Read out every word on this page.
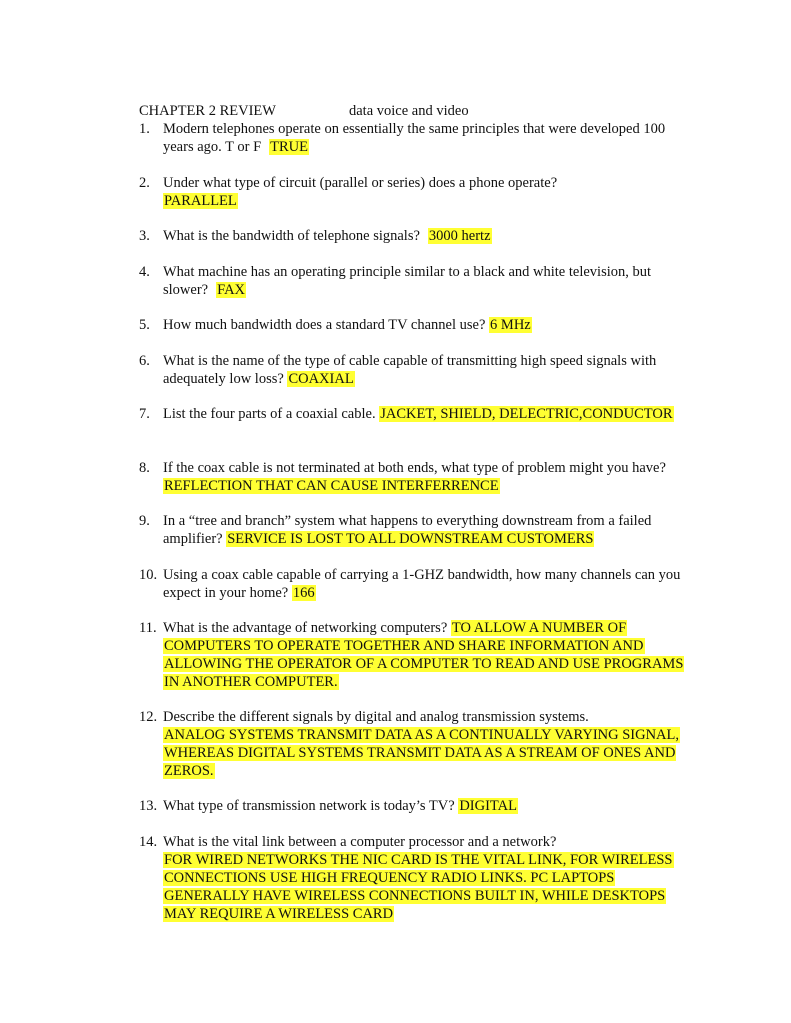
CHAPTER 2 REVIEW	data voice and video
1. Modern telephones operate on essentially the same principles that were developed 100 years ago. T or F TRUE
2. Under what type of circuit (parallel or series) does a phone operate?
PARALLEL
3. What is the bandwidth of telephone signals? 3000 hertz
4. What machine has an operating principle similar to a black and white television, but slower? FAX
5. How much bandwidth does a standard TV channel use? 6 MHz
6. What is the name of the type of cable capable of transmitting high speed signals with adequately low loss? COAXIAL
7. List the four parts of a coaxial cable. JACKET, SHIELD, DELECTRIC,CONDUCTOR
8. If the coax cable is not terminated at both ends, what type of problem might you have?REFLECTION THAT CAN CAUSE INTERFERRENCE
9. In a “tree and branch” system what happens to everything downstream from a failed amplifier? SERVICE IS LOST TO ALL DOWNSTREAM CUSTOMERS
10. Using a coax cable capable of carrying a 1-GHZ bandwidth, how many channels can you expect in your home? 166
11. What is the advantage of networking computers? TO ALLOW A NUMBER OF COMPUTERS TO OPERATE TOGETHER AND SHARE INFORMATION AND ALLOWING THE OPERATOR OF A COMPUTER TO READ AND USE PROGRAMS IN ANOTHER COMPUTER.
12. Describe the different signals by digital and analog transmission systems.
ANALOG SYSTEMS TRANSMIT DATA AS A CONTINUALLY VARYING SIGNAL, WHEREAS DIGITAL SYSTEMS TRANSMIT DATA AS A STREAM OF ONES AND ZEROS.
13. What type of transmission network is today’s TV? DIGITAL
14. What is the vital link between a computer processor and a network?
FOR WIRED NETWORKS THE NIC CARD IS THE VITAL LINK, FOR WIRELESS CONNECTIONS USE HIGH FREQUENCY RADIO LINKS. PC LAPTOPS GENERALLY HAVE WIRELESS CONNECTIONS BUILT IN, WHILE DESKTOPS MAY REQUIRE A WIRELESS CARD
